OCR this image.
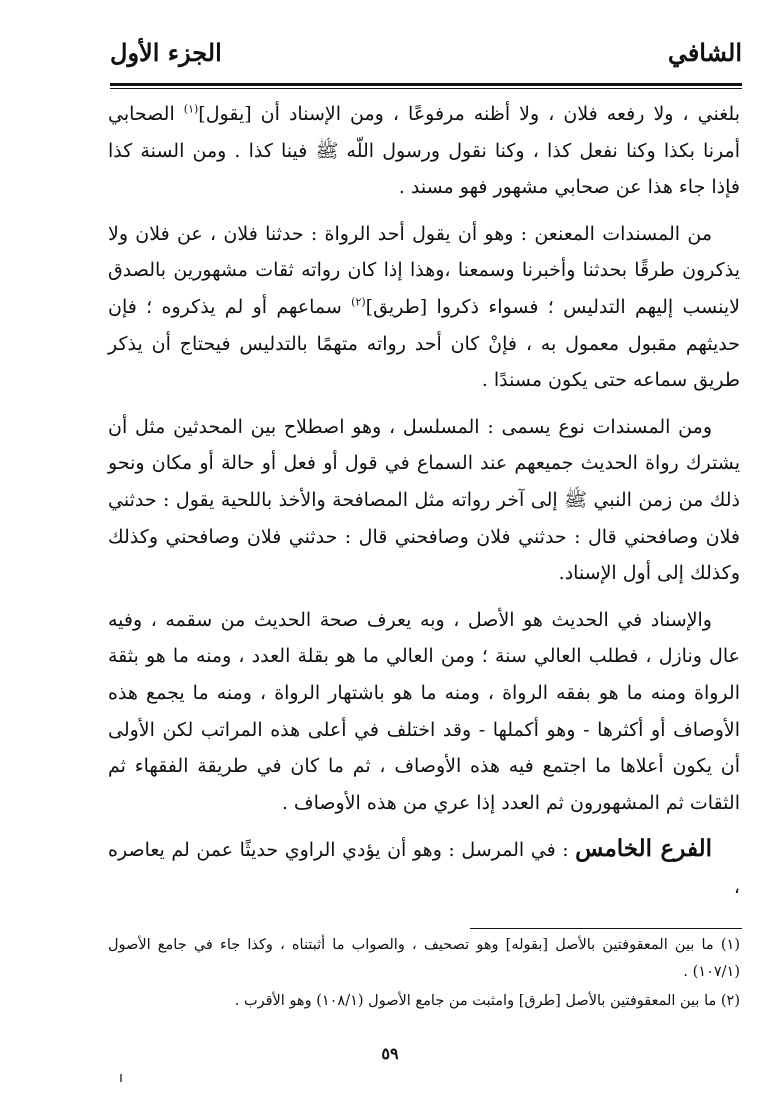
الشافي
الجزء الأول

بلغني ، ولا رفعه فلان ، ولا أظنه مرفوعًا ، ومن الإسناد أن [يقول]$^{(١)}$ الصحابي أمرنا بكذا وكنا نفعل كذا ، وكنا نقول ورسول اللّه ﷺ فينا كذا . ومن السنة كذا فإذا جاء هذا عن صحابي مشهور فهو مسند .

من المسندات المعنعن : وهو أن يقول أحد الرواة : حدثنا فلان ، عن فلان ولا يذكرون طرقًا بحدثنا وأخبرنا وسمعنا ،وهذا إذا كان رواته ثقات مشهورين بالصدق لاينسب إليهم التدليس ؛ فسواء ذكروا [طريق]$^{(٢)}$ سماعهم أو لم يذكروه ؛ فإن حديثهم مقبول معمول به ، فإنْ كان أحد رواته متهمًا بالتدليس فيحتاج أن يذكر طريق سماعه حتى يكون مسندًا .

ومن المسندات نوع يسمى : المسلسل ، وهو اصطلاح بين المحدثين مثل أن يشترك رواة الحديث جميعهم عند السماع في قول أو فعل أو حالة أو مكان ونحو ذلك من زمن النبي ﷺ إلى آخر رواته مثل المصافحة والأخذ باللحية يقول : حدثني فلان وصافحني قال : حدثني فلان وصافحني قال : حدثني فلان وصافحني وكذلك وكذلك إلى أول الإسناد.

والإسناد في الحديث هو الأصل ، وبه يعرف صحة الحديث من سقمه ، وفيه عال ونازل ، فطلب العالي سنة ؛ ومن العالي ما هو بقلة العدد ، ومنه ما هو بثقة الرواة ومنه ما هو بفقه الرواة ، ومنه ما هو باشتهار الرواة ، ومنه ما يجمع هذه الأوصاف أو أكثرها - وهو أكملها - وقد اختلف في أعلى هذه المراتب لكن الأولى أن يكون أعلاها ما اجتمع فيه هذه الأوصاف ، ثم ما كان في طريقة الفقهاء ثم الثقات ثم المشهورون ثم العدد إذا عري من هذه الأوصاف .

الفرع الخامس : في المرسل : وهو أن يؤدي الراوي حديثًا عمن لم يعاصره ،

(١) ما بين المعقوفتين بالأصل [بقوله] وهو تصحيف ، والصواب ما أثبتناه ، وكذا جاء في جامع الأصول (١٠٧/١) .

(٢) ما بين المعقوفتين بالأصل [طرق] وامثبت من جامع الأصول (١٠٨/١) وهو الأقرب .

٥٩
